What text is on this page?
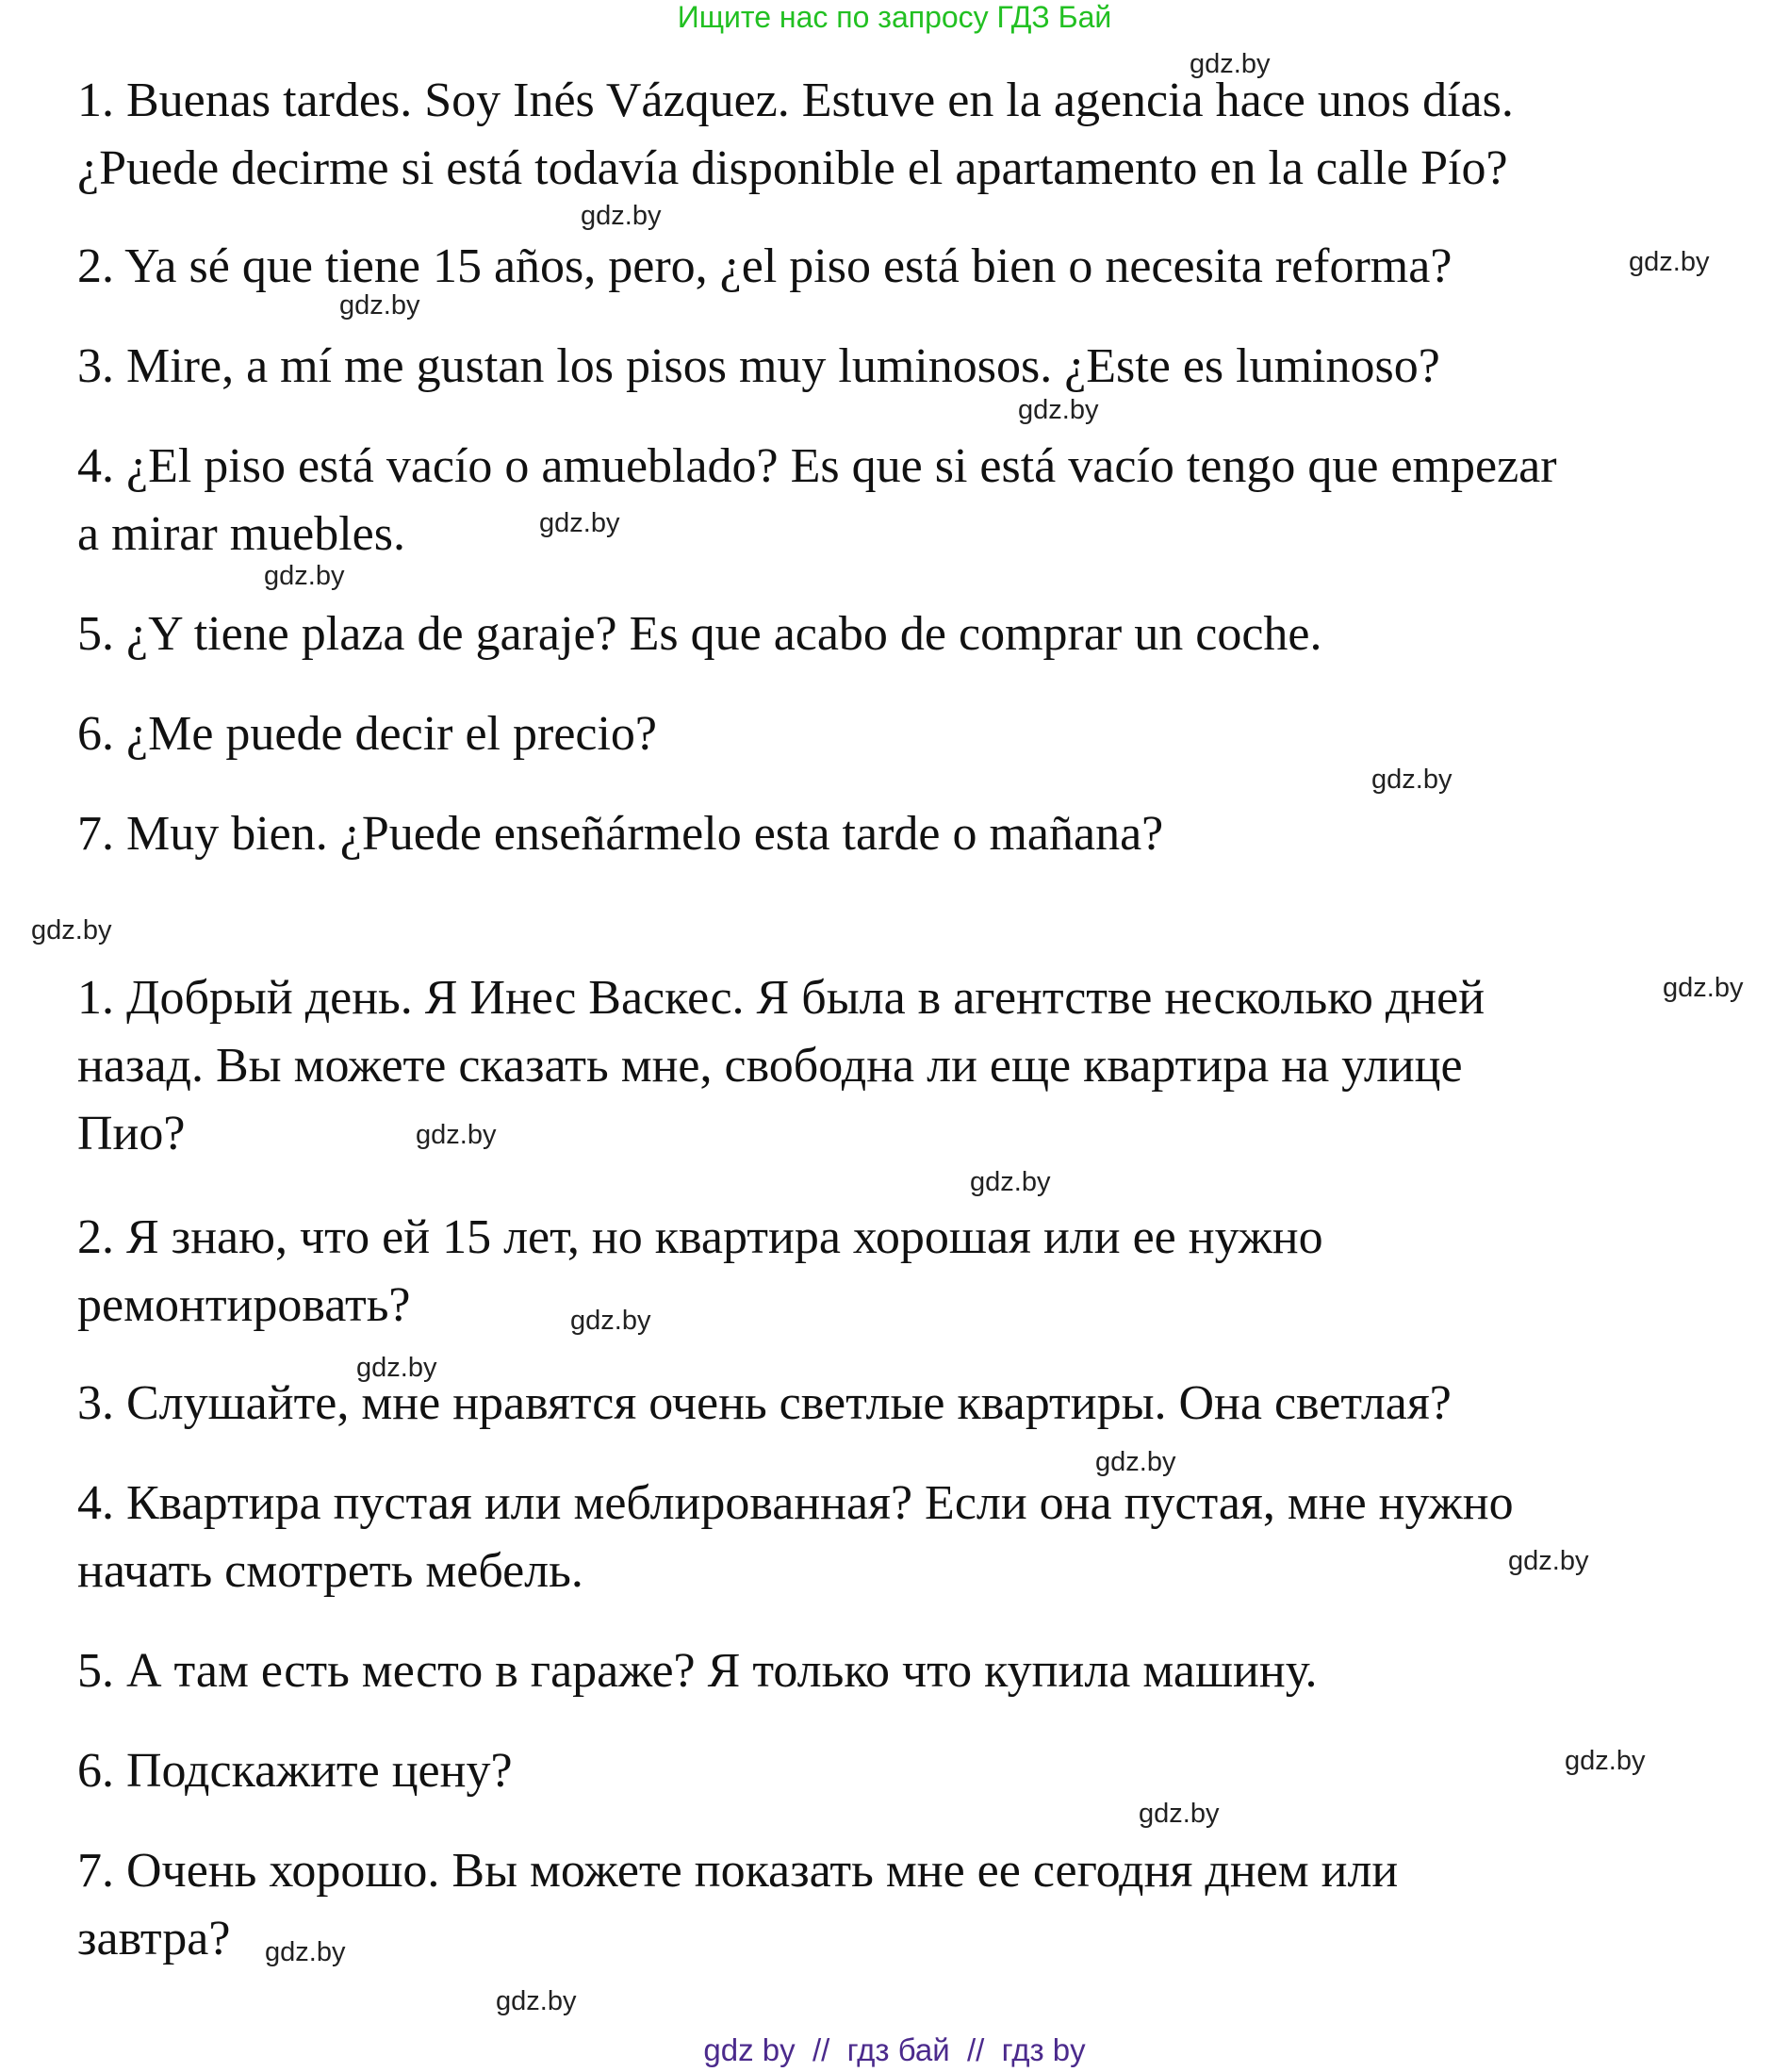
Ищите нас по запросу ГДЗ Бай
1. Buenas tardes. Soy Inés Vázquez. Estuve en la agencia hace unos días.
¿Puede decirme si está todavía disponible el apartamento en la calle Pío?
2. Ya sé que tiene 15 años, pero, ¿el piso está bien o necesita reforma?
3. Mire, a mí me gustan los pisos muy luminosos. ¿Este es luminoso?
4. ¿El piso está vacío o amueblado? Es que si está vacío tengo que empezar
a mirar muebles.
5. ¿Y tiene plaza de garaje? Es que acabo de comprar un coche.
6. ¿Me puede decir el precio?
7. Muy bien. ¿Puede enseñármelo esta tarde o mañana?
1. Добрый день. Я Инес Васкес. Я была в агентстве несколько дней
назад. Вы можете сказать мне, свободна ли еще квартира на улице
Пио?
2. Я знаю, что ей 15 лет, но квартира хорошая или ее нужно
ремонтировать?
3. Слушайте, мне нравятся очень светлые квартиры. Она светлая?
4. Квартира пустая или меблированная? Если она пустая, мне нужно
начать смотреть мебель.
5. А там есть место в гараже? Я только что купила машину.
6. Подскажите цену?
7. Очень хорошо. Вы можете показать мне ее сегодня днем или
завтра?
gdz.by
gdz.by
gdz.by
gdz.by
gdz.by
gdz.by
gdz.by
gdz.by
gdz.by
gdz.by
gdz.by
gdz.by
gdz.by
gdz.by
gdz.by
gdz.by
gdz.by
gdz.by
gdz.by
gdz.by
gdz by  //  гдз бай  //  гдз by
